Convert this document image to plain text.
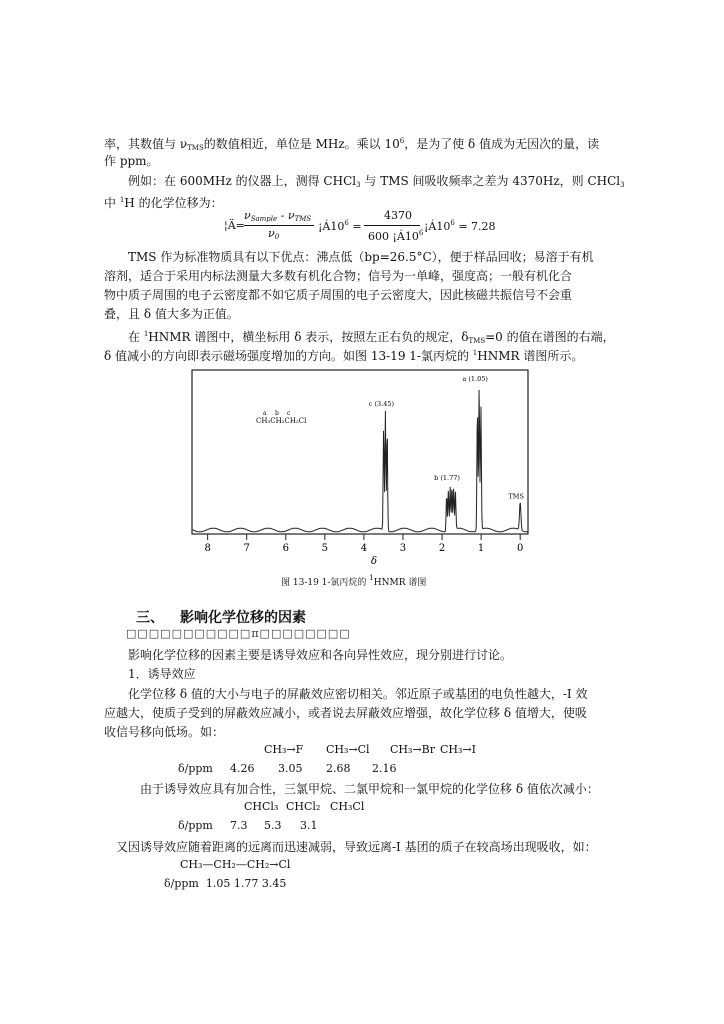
率，其数值与 $\nu_{TMS}$的数值相近，单位是 MHz。乘以 $10^6$，是为了使 δ 值成为无因次的量，读
作 ppm。
例如：在 600MHz 的仪器上，测得 CHCl$_3$ 与 TMS 间吸收频率之差为 4370Hz，则 CHCl$_3$
中 $^1$H 的化学位移为：
¦Ä=
$\nu_{Sample} - \nu_{TMS}$
$\nu_0$
¡$Á10^6$ =
4370
600 ¡$Á10^6$ ¡$Á10^6 = 7.28$
TMS 作为标准物质具有以下优点：沸点低（bp=26.5°C），便于样品回收；易溶于有机
溶剂，适合于采用内标法测量大多数有机化合物；信号为一单峰，强度高；一般有机化合
物中质子周围的电子云密度都不如它质子周围的电子云密度大，因此核磁共振信号不会重
叠，且 δ 值大多为正值。
在 $^1$HNMR 谱图中，横坐标用 δ 表示，按照左正右负的规定，$\delta_{TMS}=0$ 的值在谱图的右端，
δ 值减小的方向即表示磁场强度增加的方向。如图 13-19 1-氯丙烷的 $^1$HNMR 谱图所示。
8	7	6	5	4	3	2	1	0
δ
a b c
CH₃CH₂CH₂Cl
c (3.45)
b (1.77)
a (1.05)
TMS
图 13-19 1-氯丙烷的 $^1$HNMR 谱图
三、 影响化学位移的因素
□□□□□□□□□□□π□□□□□□□□
影响化学位移的因素主要是诱导效应和各向异性效应，现分别进行讨论。
1．诱导效应
化学位移 δ 值的大小与电子的屏蔽效应密切相关。邻近原子或基团的电负性越大，-I 效
应越大，使质子受到的屏蔽效应减小，或者说去屏蔽效应增强，故化学位移 δ 值增大，使吸
收信号移向低场。如：
CH₃→F CH₃→Cl CH₃→Br CH₃→I
δ/ppm 4.26 3.05 2.68 2.16
由于诱导效应具有加合性，三氯甲烷、二氯甲烷和一氯甲烷的化学位移 δ 值依次减小：
CHCl₃ CHCl₂ CH₃Cl
δ/ppm 7.3 5.3 3.1
又因诱导效应随着距离的远离而迅速减弱，导致远离-I 基团的质子在较高场出现吸收，如：
CH₃—CH₂—CH₂→Cl
δ/ppm 1.05 1.77 3.45
